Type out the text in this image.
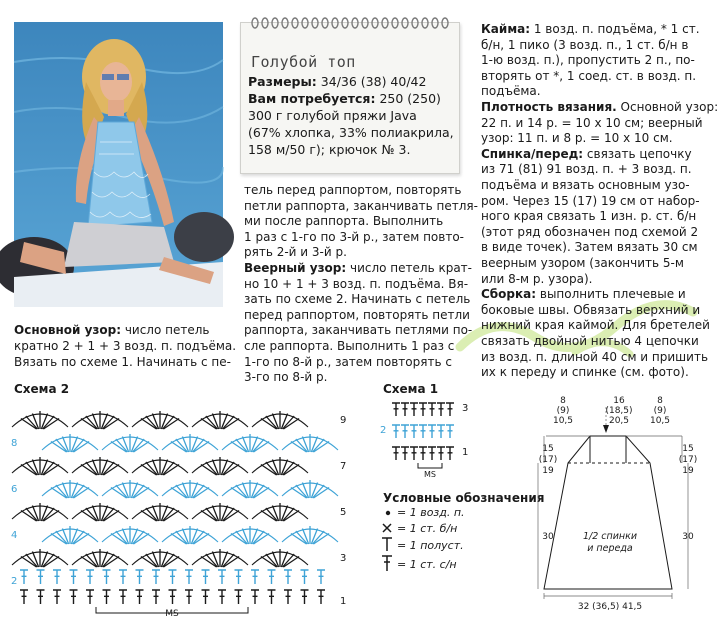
Голубой топ
Размеры: 34/36 (38) 40/42
Вам потребуется: 250 (250)
300 г голубой пряжи Java
(67% хлопка, 33% полиакрила,
158 м/50 г); крючок № 3.
Основной узор: число петель
кратно 2 + 1 + 3 возд. п. подъёма.
Вязать по схеме 1. Начинать с пе-
тель перед раппортом, повторять
петли раппорта, заканчивать петля-
ми после раппорта. Выполнить
1 раз с 1-го по 3-й р., затем повто-
рять 2-й и 3-й р.
Веерный узор: число петель крат-
но 10 + 1 + 3 возд. п. подъёма. Вя-
зать по схеме 2. Начинать с петель
перед раппортом, повторять петли
раппорта, заканчивать петлями по-
сле раппорта. Выполнить 1 раз с
1-го по 8-й р., затем повторять с
3-го по 8-й р.
Кайма: 1 возд. п. подъёма, * 1 ст.
б/н, 1 пико (3 возд. п., 1 ст. б/н в
1-ю возд. п.), пропустить 2 п., по-
вторять от *, 1 соед. ст. в возд. п.
подъёма.
Плотность вязания. Основной узор:
22 п. и 14 р. = 10 х 10 см; веерный
узор: 11 п. и 8 р. = 10 х 10 см.
Спинка/перед: связать цепочку
из 71 (81) 91 возд. п. + 3 возд. п.
подъёма и вязать основным узо-
ром. Через 15 (17) 19 см от набор-
ного края связать 1 изн. р. ст. б/н
(этот ряд обозначен под схемой 2
в виде точек). Затем вязать 30 см
веерным узором (закончить 5-м
или 8-м р. узора).
Сборка: выполнить плечевые и
боковые швы. Обвязать верхний и
нижний края каймой. Для бретелей
связать двойной нитью 4 цепочки
из возд. п. длиной 40 см и пришить
их к переду и спинке (см. фото).
Схема 2
MS
8
6
4
2
9
7
5
3
1
Схема 1
MS
2
3
1
Условные обозначения
= 1 возд. п.
= 1 ст. б/н
= 1 полуст.
= 1 ст. с/н
8
(9)
10,5
16
(18,5)
20,5
8
(9)
10,5
15
(17)
19
15
(17)
19
30	30
32 (36,5) 41,5
1/2 спинки
и переда
